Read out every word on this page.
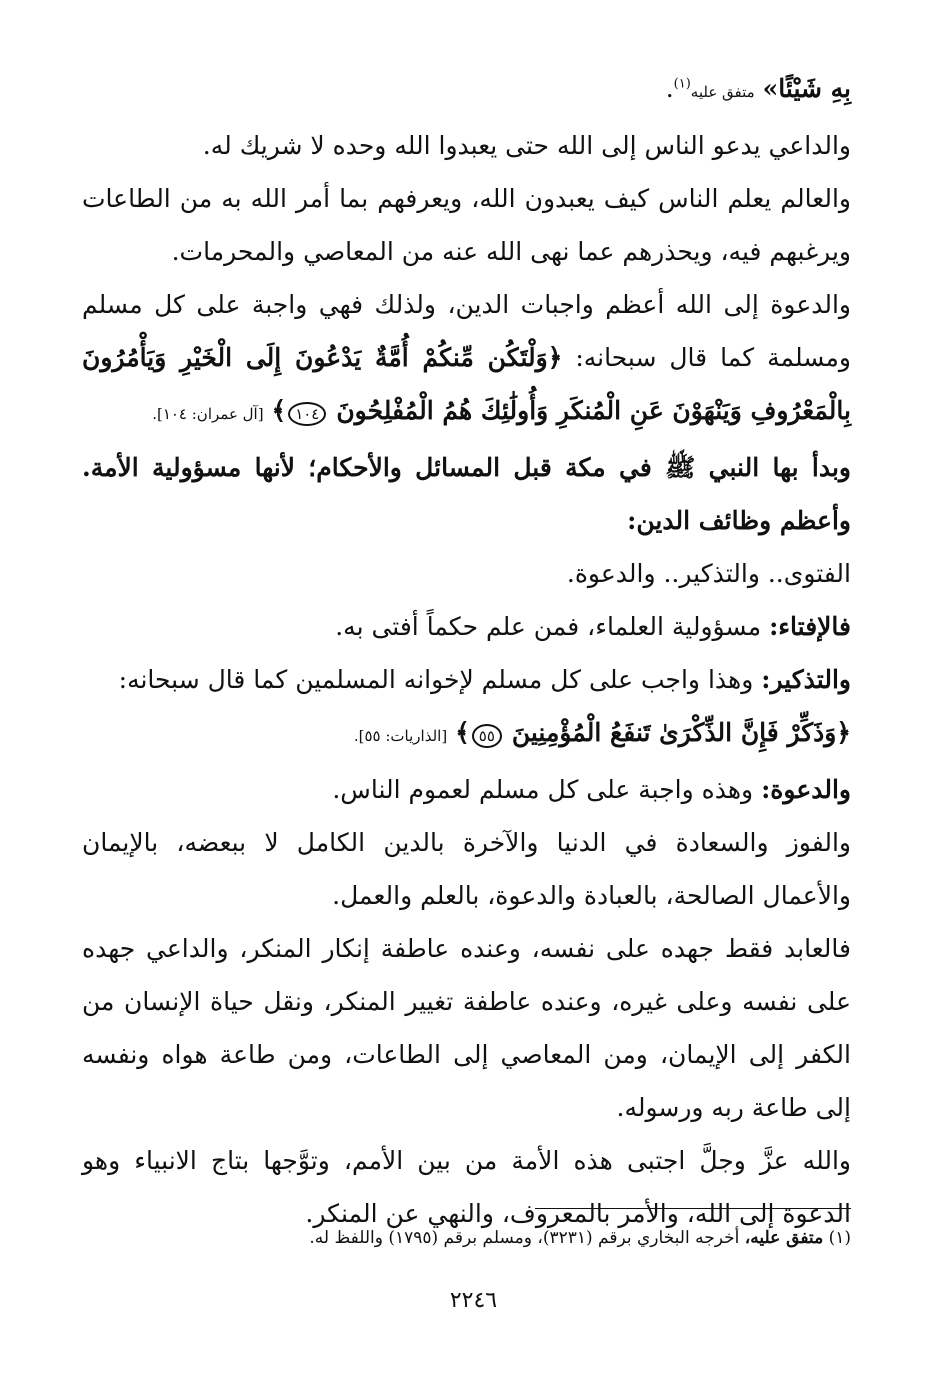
بِهِ شَيْئًا» متفق عليه$^{(١)}$.

والداعي يدعو الناس إلى الله حتى يعبدوا الله وحده لا شريك له.

والعالم يعلم الناس كيف يعبدون الله، ويعرفهم بما أمر الله به من الطاعات ويرغبهم فيه، ويحذرهم عما نهى الله عنه من المعاصي والمحرمات.

والدعوة إلى الله أعظم واجبات الدين، ولذلك فهي واجبة على كل مسلم ومسلمة كما قال سبحانه: ﴿وَلْتَكُن مِّنكُمْ أُمَّةٌ يَدْعُونَ إِلَى الْخَيْرِ وَيَأْمُرُونَ بِالْمَعْرُوفِ وَيَنْهَوْنَ عَنِ الْمُنكَرِ وَأُولَٰئِكَ هُمُ الْمُفْلِحُونَ ١٠٤﴾ [آل عمران: ١٠٤].

وبدأ بها النبي ﷺ في مكة قبل المسائل والأحكام؛ لأنها مسؤولية الأمة. وأعظم وظائف الدين:

الفتوى.. والتذكير.. والدعوة.

فالإفتاء: مسؤولية العلماء، فمن علم حكماً أفتى به.

والتذكير: وهذا واجب على كل مسلم لإخوانه المسلمين كما قال سبحانه:

﴿وَذَكِّرْ فَإِنَّ الذِّكْرَىٰ تَنفَعُ الْمُؤْمِنِينَ ٥٥﴾ [الذاريات: ٥٥].

والدعوة: وهذه واجبة على كل مسلم لعموم الناس.

والفوز والسعادة في الدنيا والآخرة بالدين الكامل لا ببعضه، بالإيمان والأعمال الصالحة، بالعبادة والدعوة، بالعلم والعمل.

فالعابد فقط جهده على نفسه، وعنده عاطفة إنكار المنكر، والداعي جهده على نفسه وعلى غيره، وعنده عاطفة تغيير المنكر، ونقل حياة الإنسان من الكفر إلى الإيمان، ومن المعاصي إلى الطاعات، ومن طاعة هواه ونفسه إلى طاعة ربه ورسوله.

والله عزَّ وجلَّ اجتبى هذه الأمة من بين الأمم، وتوَّجها بتاج الانبياء وهو الدعوة إلى الله، والأمر بالمعروف، والنهي عن المنكر.

(١) متفق عليه، أخرجه البخاري برقم (٣٢٣١)، ومسلم برقم (١٧٩٥) واللفظ له.
٢٢٤٦
